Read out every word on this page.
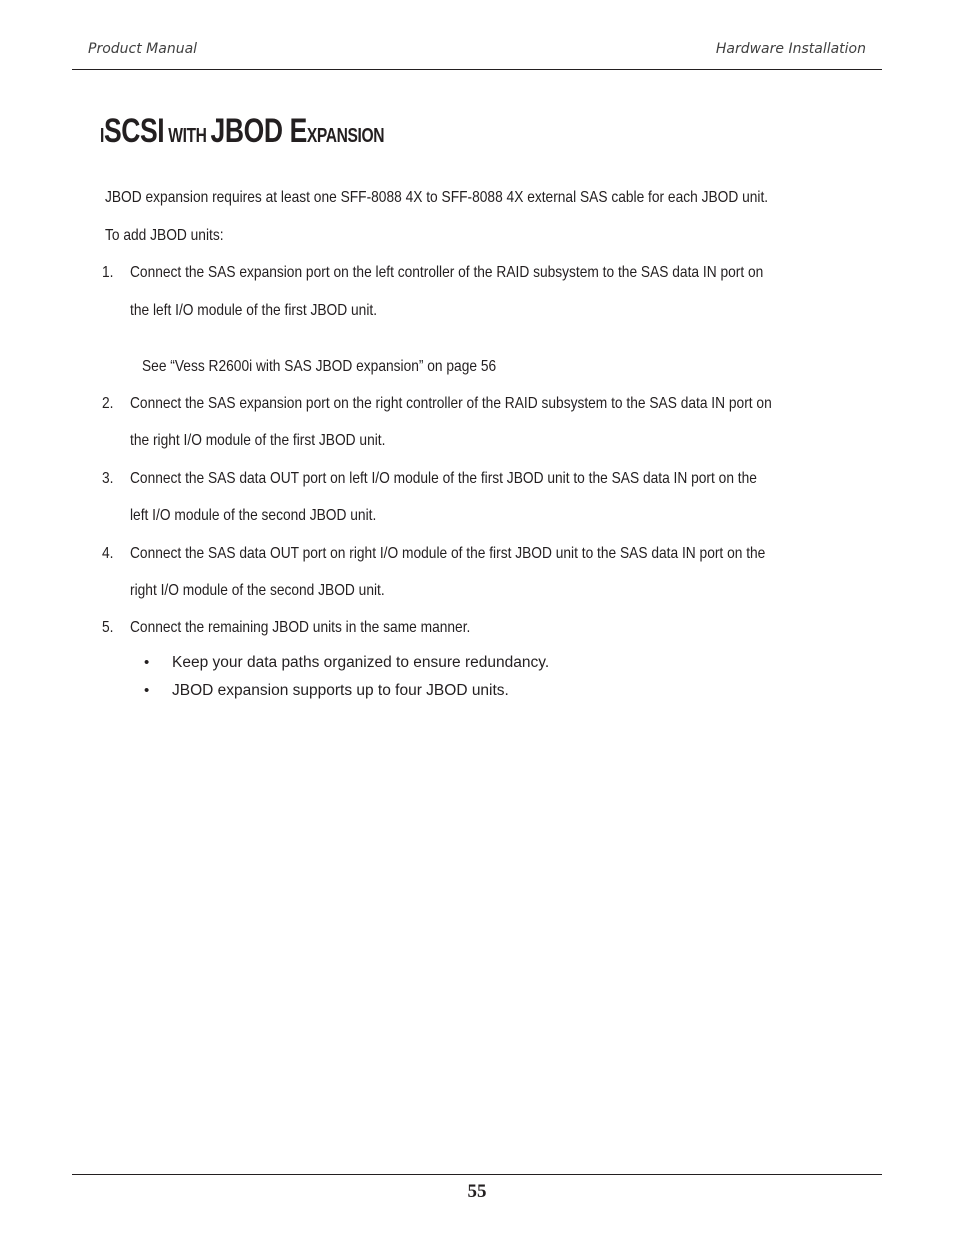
Product Manual	Hardware Installation
ISCSI WITH JBOD EXPANSION
JBOD expansion requires at least one SFF-8088 4X to SFF-8088 4X external SAS cable for each JBOD unit.
To add JBOD units:
1. Connect the SAS expansion port on the left controller of the RAID subsystem to the SAS data IN port on
the left I/O module of the first JBOD unit.
See “Vess R2600i with SAS JBOD expansion” on page 56
2. Connect the SAS expansion port on the right controller of the RAID subsystem to the SAS data IN port on
the right I/O module of the first JBOD unit.
3. Connect the SAS data OUT port on left I/O module of the first JBOD unit to the SAS data IN port on the
left I/O module of the second JBOD unit.
4. Connect the SAS data OUT port on right I/O module of the first JBOD unit to the SAS data IN port on the
right I/O module of the second JBOD unit.
5. Connect the remaining JBOD units in the same manner.
• Keep your data paths organized to ensure redundancy.
• JBOD expansion supports up to four JBOD units.
55
